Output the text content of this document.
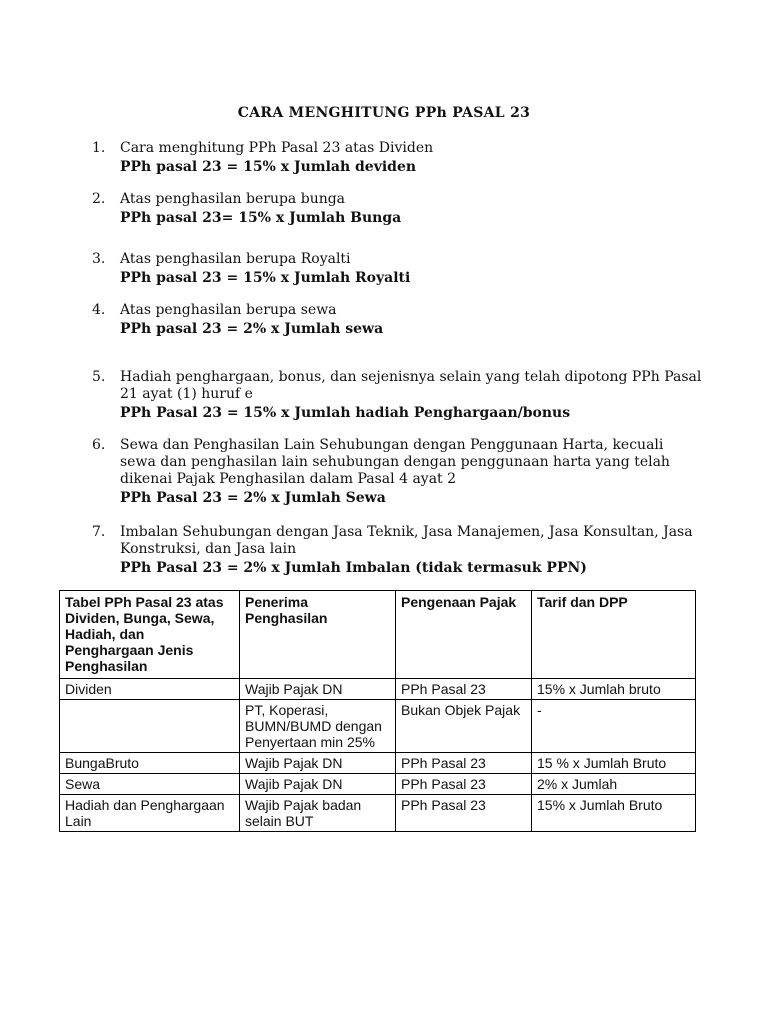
CARA MENGHITUNG PPh PASAL 23
1.	Cara menghitung PPh Pasal 23 atas Dividen
PPh pasal 23 = 15% x Jumlah deviden
2.	Atas penghasilan berupa bunga
PPh pasal 23= 15% x Jumlah Bunga
3.	Atas penghasilan berupa Royalti
PPh pasal 23 = 15% x Jumlah Royalti
4.	Atas penghasilan berupa sewa
PPh pasal 23 = 2% x Jumlah sewa
5.	Hadiah penghargaan, bonus, dan sejenisnya selain yang telah dipotong PPh Pasal 21 ayat (1) huruf e
PPh Pasal 23 = 15% x Jumlah hadiah Penghargaan/bonus
6.	Sewa dan Penghasilan Lain Sehubungan dengan Penggunaan Harta, kecuali sewa dan penghasilan lain sehubungan dengan penggunaan harta yang telah dikenai Pajak Penghasilan dalam Pasal 4 ayat 2
PPh Pasal 23 = 2% x Jumlah Sewa
7.	Imbalan Sehubungan dengan Jasa Teknik, Jasa Manajemen, Jasa Konsultan, Jasa Konstruksi, dan Jasa lain
PPh Pasal 23 = 2% x Jumlah Imbalan (tidak termasuk PPN)
Tabel PPh Pasal 23 atas Dividen, Bunga, Sewa, Hadiah, dan Penghargaan Jenis Penghasilan	Penerima Penghasilan	Pengenaan Pajak	Tarif dan DPP
Dividen	Wajib Pajak DN	PPh Pasal 23	15% x Jumlah bruto
	PT, Koperasi, BUMN/BUMD dengan Penyertaan min 25%	Bukan Objek Pajak	-
BungaBruto	Wajib Pajak DN	PPh Pasal 23	15 % x Jumlah Bruto
Sewa	Wajib Pajak DN	PPh Pasal 23	2% x Jumlah
Hadiah dan Penghargaan Lain	Wajib Pajak badan selain BUT	PPh Pasal 23	15% x Jumlah Bruto
